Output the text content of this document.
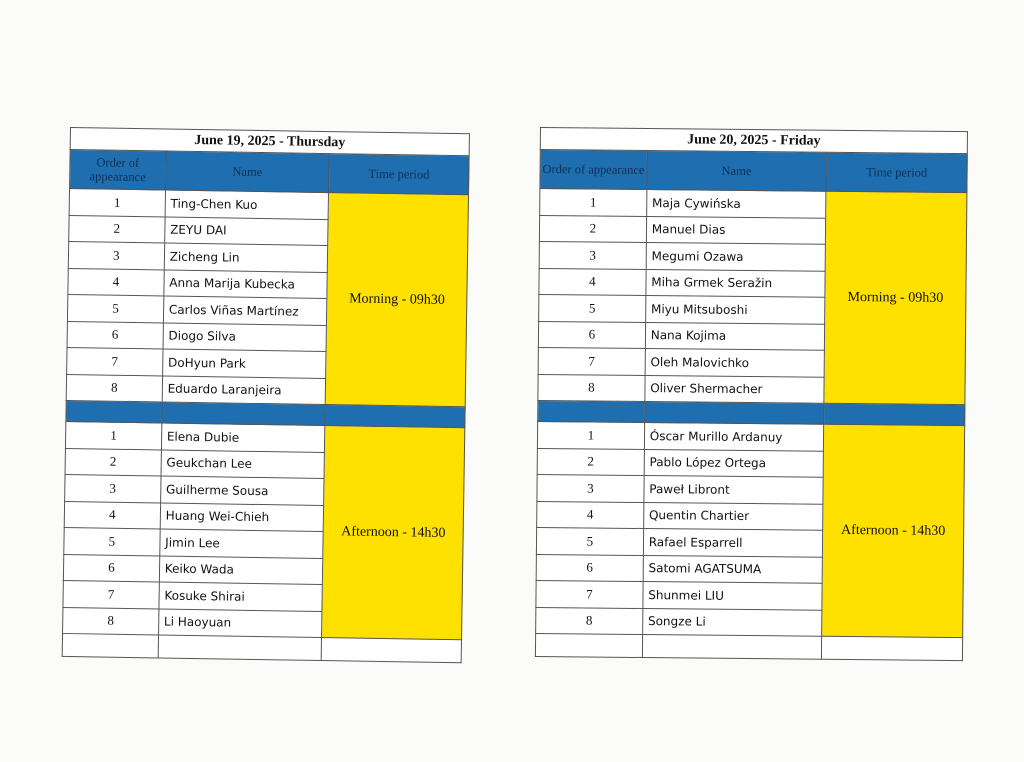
June 19, 2025 - Thursday		
Order of appearance	Name	Time period
1	Ting-Chen Kuo	Morning - 09h30
2	ZEYU DAI	
3	Zicheng Lin	
4	Anna Marija Kubecka	
5	Carlos Viñas Martínez	
6	Diogo Silva	
7	DoHyun Park	
8	Eduardo Laranjeira	

1	Elena Dubie	Afternoon - 14h30
2	Geukchan Lee	
3	Guilherme Sousa	
4	Huang Wei-Chieh	
5	Jimin Lee	
6	Keiko Wada	
7	Kosuke Shirai	
8	Li Haoyuan	

June 20, 2025 - Friday		
Order of appearance	Name	Time period
1	Maja Cywińska	Morning - 09h30
2	Manuel Dias	
3	Megumi Ozawa	
4	Miha Grmek Seražin	
5	Miyu Mitsuboshi	
6	Nana Kojima	
7	Oleh Malovichko	
8	Oliver Shermacher	

1	Óscar Murillo Ardanuy	Afternoon - 14h30
2	Pablo López Ortega	
3	Paweł Libront	
4	Quentin Chartier	
5	Rafael Esparrell	
6	Satomi AGATSUMA	
7	Shunmei LIU	
8	Songze Li	
